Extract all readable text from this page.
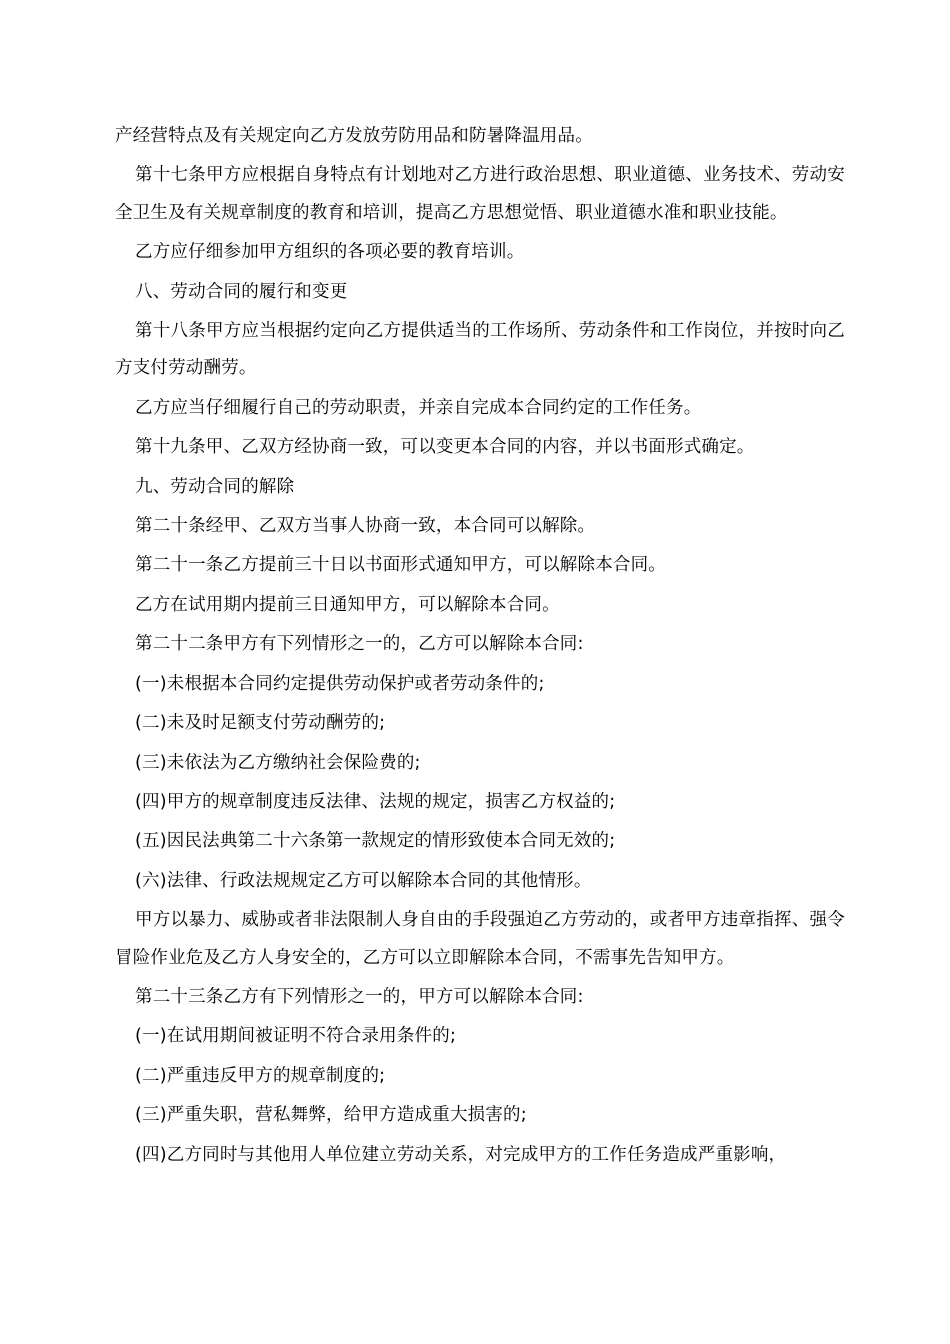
产经营特点及有关规定向乙方发放劳防用品和防暑降温用品。

第十七条甲方应根据自身特点有计划地对乙方进行政治思想、职业道德、业务技术、劳动安全卫生及有关规章制度的教育和培训，提高乙方思想觉悟、职业道德水准和职业技能。

乙方应仔细参加甲方组织的各项必要的教育培训。

八、劳动合同的履行和变更

第十八条甲方应当根据约定向乙方提供适当的工作场所、劳动条件和工作岗位，并按时向乙方支付劳动酬劳。

乙方应当仔细履行自己的劳动职责，并亲自完成本合同约定的工作任务。

第十九条甲、乙双方经协商一致，可以变更本合同的内容，并以书面形式确定。

九、劳动合同的解除

第二十条经甲、乙双方当事人协商一致，本合同可以解除。

第二十一条乙方提前三十日以书面形式通知甲方，可以解除本合同。

乙方在试用期内提前三日通知甲方，可以解除本合同。

第二十二条甲方有下列情形之一的，乙方可以解除本合同:

(一)未根据本合同约定提供劳动保护或者劳动条件的;

(二)未及时足额支付劳动酬劳的;

(三)未依法为乙方缴纳社会保险费的;

(四)甲方的规章制度违反法律、法规的规定，损害乙方权益的;

(五)因民法典第二十六条第一款规定的情形致使本合同无效的;

(六)法律、行政法规规定乙方可以解除本合同的其他情形。

甲方以暴力、威胁或者非法限制人身自由的手段强迫乙方劳动的，或者甲方违章指挥、强令冒险作业危及乙方人身安全的，乙方可以立即解除本合同，不需事先告知甲方。

第二十三条乙方有下列情形之一的，甲方可以解除本合同:

(一)在试用期间被证明不符合录用条件的;

(二)严重违反甲方的规章制度的;

(三)严重失职，营私舞弊，给甲方造成重大损害的;

(四)乙方同时与其他用人单位建立劳动关系，对完成甲方的工作任务造成严重影响，
